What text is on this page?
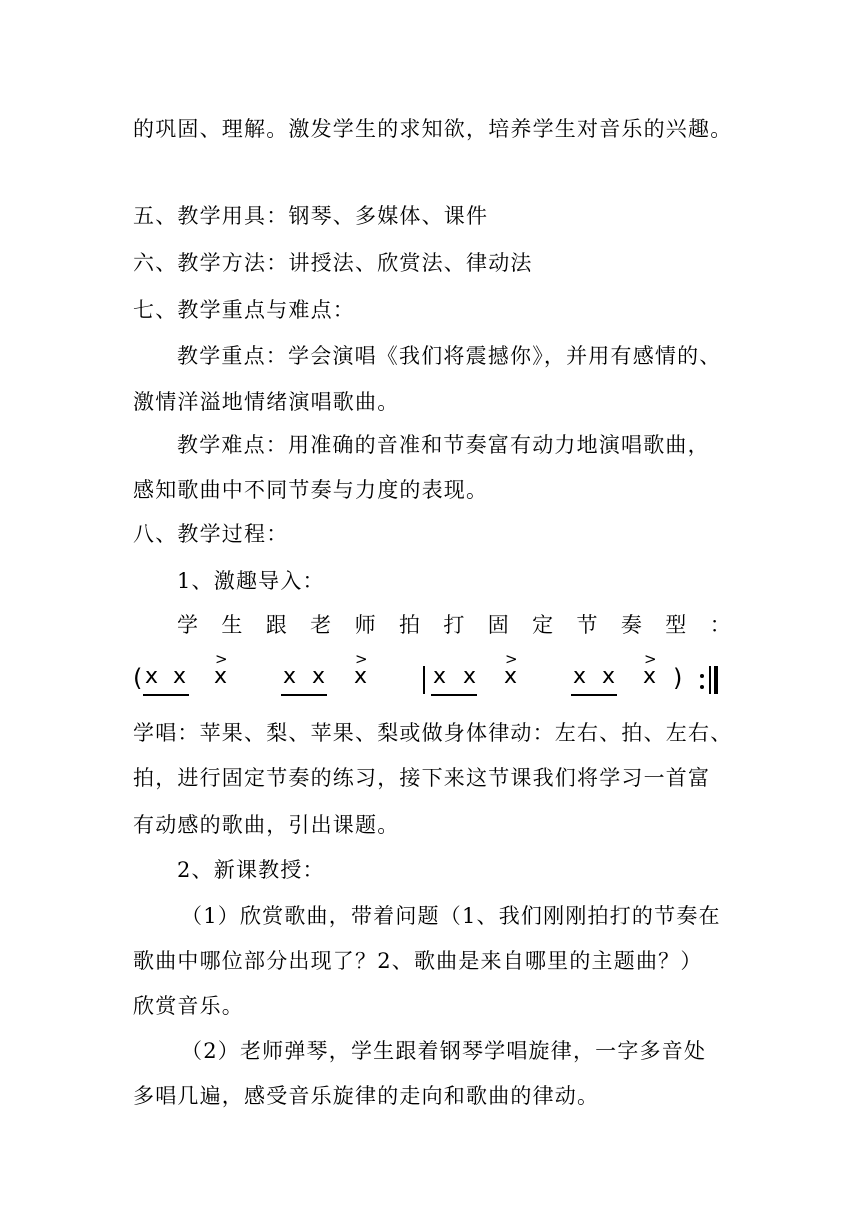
的巩固、理解。激发学生的求知欲，培养学生对音乐的兴趣。
五、教学用具：钢琴、多媒体、课件
六、教学方法：讲授法、欣赏法、律动法
七、教学重点与难点：
教学重点：学会演唱《我们将震撼你》，并用有感情的、
激情洋溢地情绪演唱歌曲。
教学难点：用准确的音准和节奏富有动力地演唱歌曲，
感知歌曲中不同节奏与力度的表现。
八、教学过程：
1、激趣导入：
学 生 跟 老 师 拍 打 固 定 节 奏 型 ：
( x x
>
x	x x
>
x	x x
>
x	x x
>
x )
学唱：苹果、梨、苹果、梨或做身体律动：左右、拍、左右、
拍，进行固定节奏的练习，接下来这节课我们将学习一首富
有动感的歌曲，引出课题。
2、新课教授：
（1）欣赏歌曲，带着问题（1、我们刚刚拍打的节奏在
歌曲中哪位部分出现了？2、歌曲是来自哪里的主题曲？）
欣赏音乐。
（2）老师弹琴，学生跟着钢琴学唱旋律，一字多音处
多唱几遍，感受音乐旋律的走向和歌曲的律动。
